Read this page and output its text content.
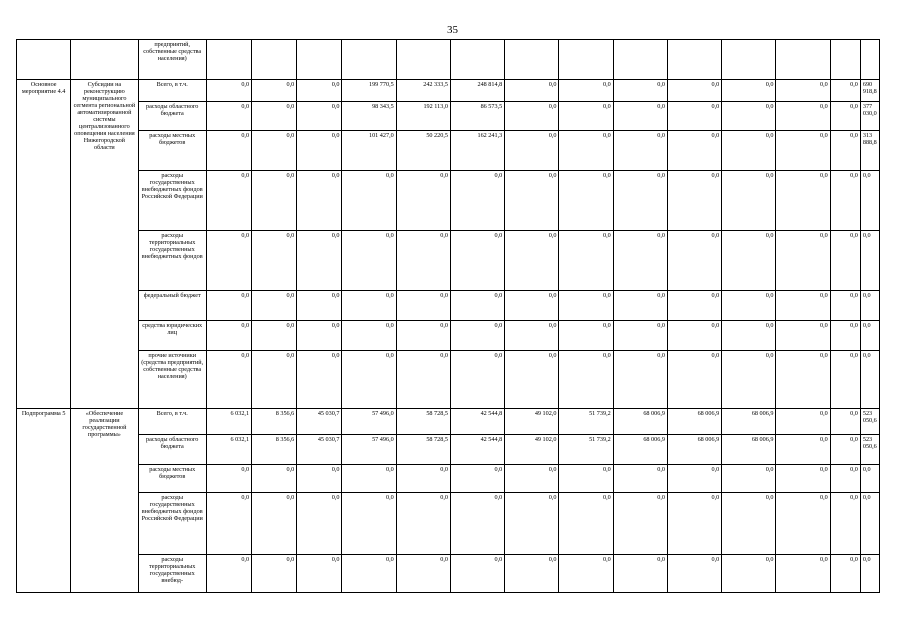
35
		предприятий, собственные средства населения)														
Основное мероприятие 4.4	Субсидии на реконструкцию муниципального сегмента региональной автоматизированной системы централизованного оповещения населения Нижегородской области	Всего, в т.ч.	0,0	0,0	0,0	199 770,5	242 333,5	248 814,8	0,0	0,0	0,0	0,0	0,0	0,0	0,0	690 918,8
		расходы областного бюджета	0,0	0,0	0,0	98 343,5	192 113,0	86 573,5	0,0	0,0	0,0	0,0	0,0	0,0	0,0	377 030,0
		расходы местных бюджетов	0,0	0,0	0,0	101 427,0	50 220,5	162 241,3	0,0	0,0	0,0	0,0	0,0	0,0	0,0	313 888,8
		расходы государственных внебюджетных фондов Российской Федерации	0,0	0,0	0,0	0,0	0,0	0,0	0,0	0,0	0,0	0,0	0,0	0,0	0,0	0,0
		расходы территориальных государственных внебюджетных фондов	0,0	0,0	0,0	0,0	0,0	0,0	0,0	0,0	0,0	0,0	0,0	0,0	0,0	0,0
		федеральный бюджет	0,0	0,0	0,0	0,0	0,0	0,0	0,0	0,0	0,0	0,0	0,0	0,0	0,0	0,0
		средства юридических лиц	0,0	0,0	0,0	0,0	0,0	0,0	0,0	0,0	0,0	0,0	0,0	0,0	0,0	0,0
		прочие источники (средства предприятий, собственные средства населения)	0,0	0,0	0,0	0,0	0,0	0,0	0,0	0,0	0,0	0,0	0,0	0,0	0,0	0,0
Подпрограмма 5	«Обеспечение реализации государственной программы»	Всего, в т.ч.	6 032,1	8 356,6	45 030,7	57 496,0	58 728,5	42 544,8	49 102,0	51 739,2	68 006,9	68 006,9	68 006,9	0,0	0,0	523 050,6
		расходы областного бюджета	6 032,1	8 356,6	45 030,7	57 496,0	58 728,5	42 544,8	49 102,0	51 739,2	68 006,9	68 006,9	68 006,9	0,0	0,0	523 050,6
		расходы местных бюджетов	0,0	0,0	0,0	0,0	0,0	0,0	0,0	0,0	0,0	0,0	0,0	0,0	0,0	0,0
		расходы государственных внебюджетных фондов Российской Федерации	0,0	0,0	0,0	0,0	0,0	0,0	0,0	0,0	0,0	0,0	0,0	0,0	0,0	0,0
		расходы территориальных государственных внебюд-	0,0	0,0	0,0	0,0	0,0	0,0	0,0	0,0	0,0	0,0	0,0	0,0	0,0	0,0
